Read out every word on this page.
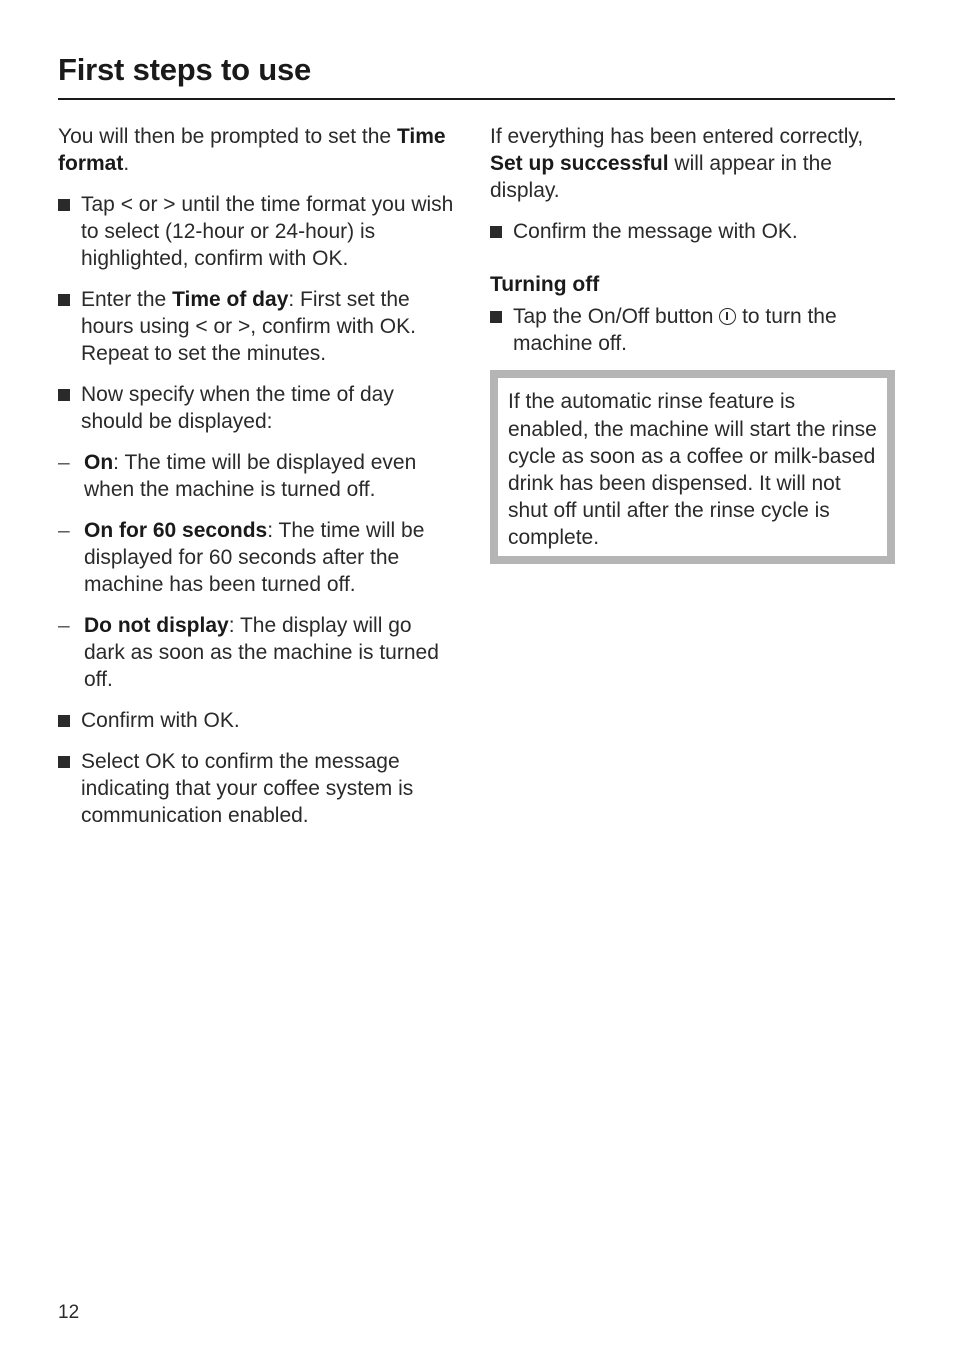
First steps to use

You will then be prompted to set the Time format.

Tap < or > until the time format you wish to select (12-hour or 24-hour) is highlighted, confirm with OK.
Enter the Time of day: First set the hours using < or >, confirm with OK. Repeat to set the minutes.
Now specify when the time of day should be displayed:
– On: The time will be displayed even when the machine is turned off.
– On for 60 seconds: The time will be displayed for 60 seconds after the machine has been turned off.
– Do not display: The display will go dark as soon as the machine is turned off.
Confirm with OK.
Select OK to confirm the message indicating that your coffee system is communication enabled.

If everything has been entered correctly, Set up successful will appear in the display.

Confirm the message with OK.

Turning off

Tap the On/Off button  to turn the machine off.

If the automatic rinse feature is enabled, the machine will start the rinse cycle as soon as a coffee or milk-based drink has been dispensed. It will not shut off until after the rinse cycle is complete.

12
